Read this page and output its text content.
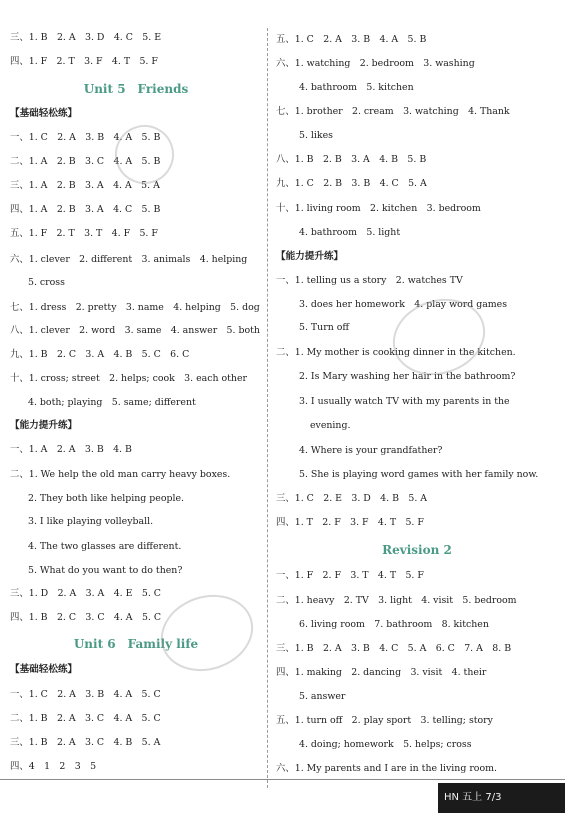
三、1. B　2. A　3. D　4. C　5. E
四、1. F　2. T　3. F　4. T　5. F
Unit 5　Friends
【基础轻松练】
一、1. C　2. A　3. B　4. A　5. B
二、1. A　2. B　3. C　4. A　5. B
三、1. A　2. B　3. A　4. A　5. A
四、1. A　2. B　3. A　4. C　5. B
五、1. F　2. T　3. T　4. F　5. F
六、1. clever　2. different　3. animals　4. helping
5. cross
七、1. dress　2. pretty　3. name　4. helping　5. dog
八、1. clever　2. word　3. same　4. answer　5. both
九、1. B　2. C　3. A　4. B　5. C　6. C
十、1. cross; street　2. helps; cook　3. each other
4. both; playing　5. same; different
【能力提升练】
一、1. A　2. A　3. B　4. B
二、1. We help the old man carry heavy boxes.
2. They both like helping people.
3. I like playing volleyball.
4. The two glasses are different.
5. What do you want to do then?
三、1. D　2. A　3. A　4. E　5. C
四、1. B　2. C　3. C　4. A　5. C
Unit 6　Family life
【基础轻松练】
一、1. C　2. A　3. B　4. A　5. C
二、1. B　2. A　3. C　4. A　5. C
三、1. B　2. A　3. C　4. B　5. A
四、4　1　2　3　5
五、1. C　2. A　3. B　4. A　5. B
六、1. watching　2. bedroom　3. washing
4. bathroom　5. kitchen
七、1. brother　2. cream　3. watching　4. Thank
5. likes
八、1. B　2. B　3. A　4. B　5. B
九、1. C　2. B　3. B　4. C　5. A
十、1. living room　2. kitchen　3. bedroom
4. bathroom　5. light
【能力提升练】
一、1. telling us a story　2. watches TV
3. does her homework　4. play word games
5. Turn off
二、1. My mother is cooking dinner in the kitchen.
2. Is Mary washing her hair in the bathroom?
3. I usually watch TV with my parents in the
evening.
4. Where is your grandfather?
5. She is playing word games with her family now.
三、1. C　2. E　3. D　4. B　5. A
四、1. T　2. F　3. F　4. T　5. F
Revision 2
一、1. F　2. F　3. T　4. T　5. F
二、1. heavy　2. TV　3. light　4. visit　5. bedroom
6. living room　7. bathroom　8. kitchen
三、1. B　2. A　3. B　4. C　5. A　6. C　7. A　8. B
四、1. making　2. dancing　3. visit　4. their
5. answer
五、1. turn off　2. play sport　3. telling; story
4. doing; homework　5. helps; cross
六、1. My parents and I are in the living room.
HN 五上 7/3
